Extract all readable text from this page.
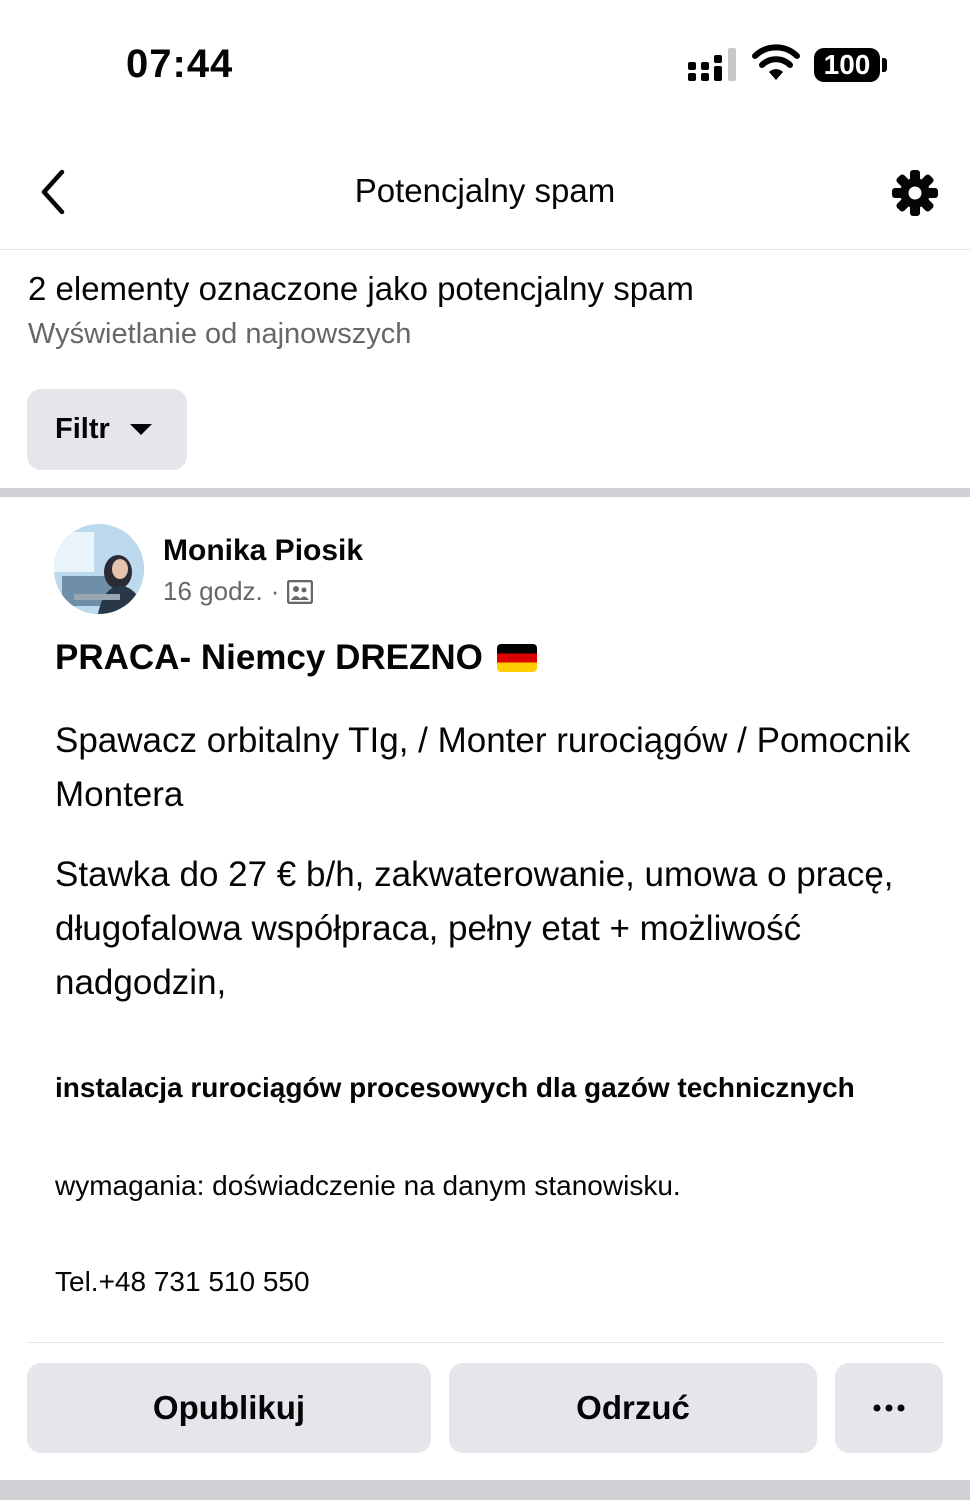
07:44	100
Potencjalny spam
2 elementy oznaczone jako potencjalny spam
Wyświetlanie od najnowszych
Filtr
Monika Piosik
16 godz. ·
PRACA- Niemcy DREZNO
Spawacz orbitalny TIg, / Monter rurociągów / Pomocnik Montera
Stawka do 27 € b/h, zakwaterowanie, umowa o pracę, długofalowa współpraca, pełny etat + możliwość nadgodzin,
instalacja rurociągów procesowych dla gazów technicznych
wymagania: doświadczenie na danym stanowisku.
Tel.+48 731 510 550
Opublikuj	Odrzuć
